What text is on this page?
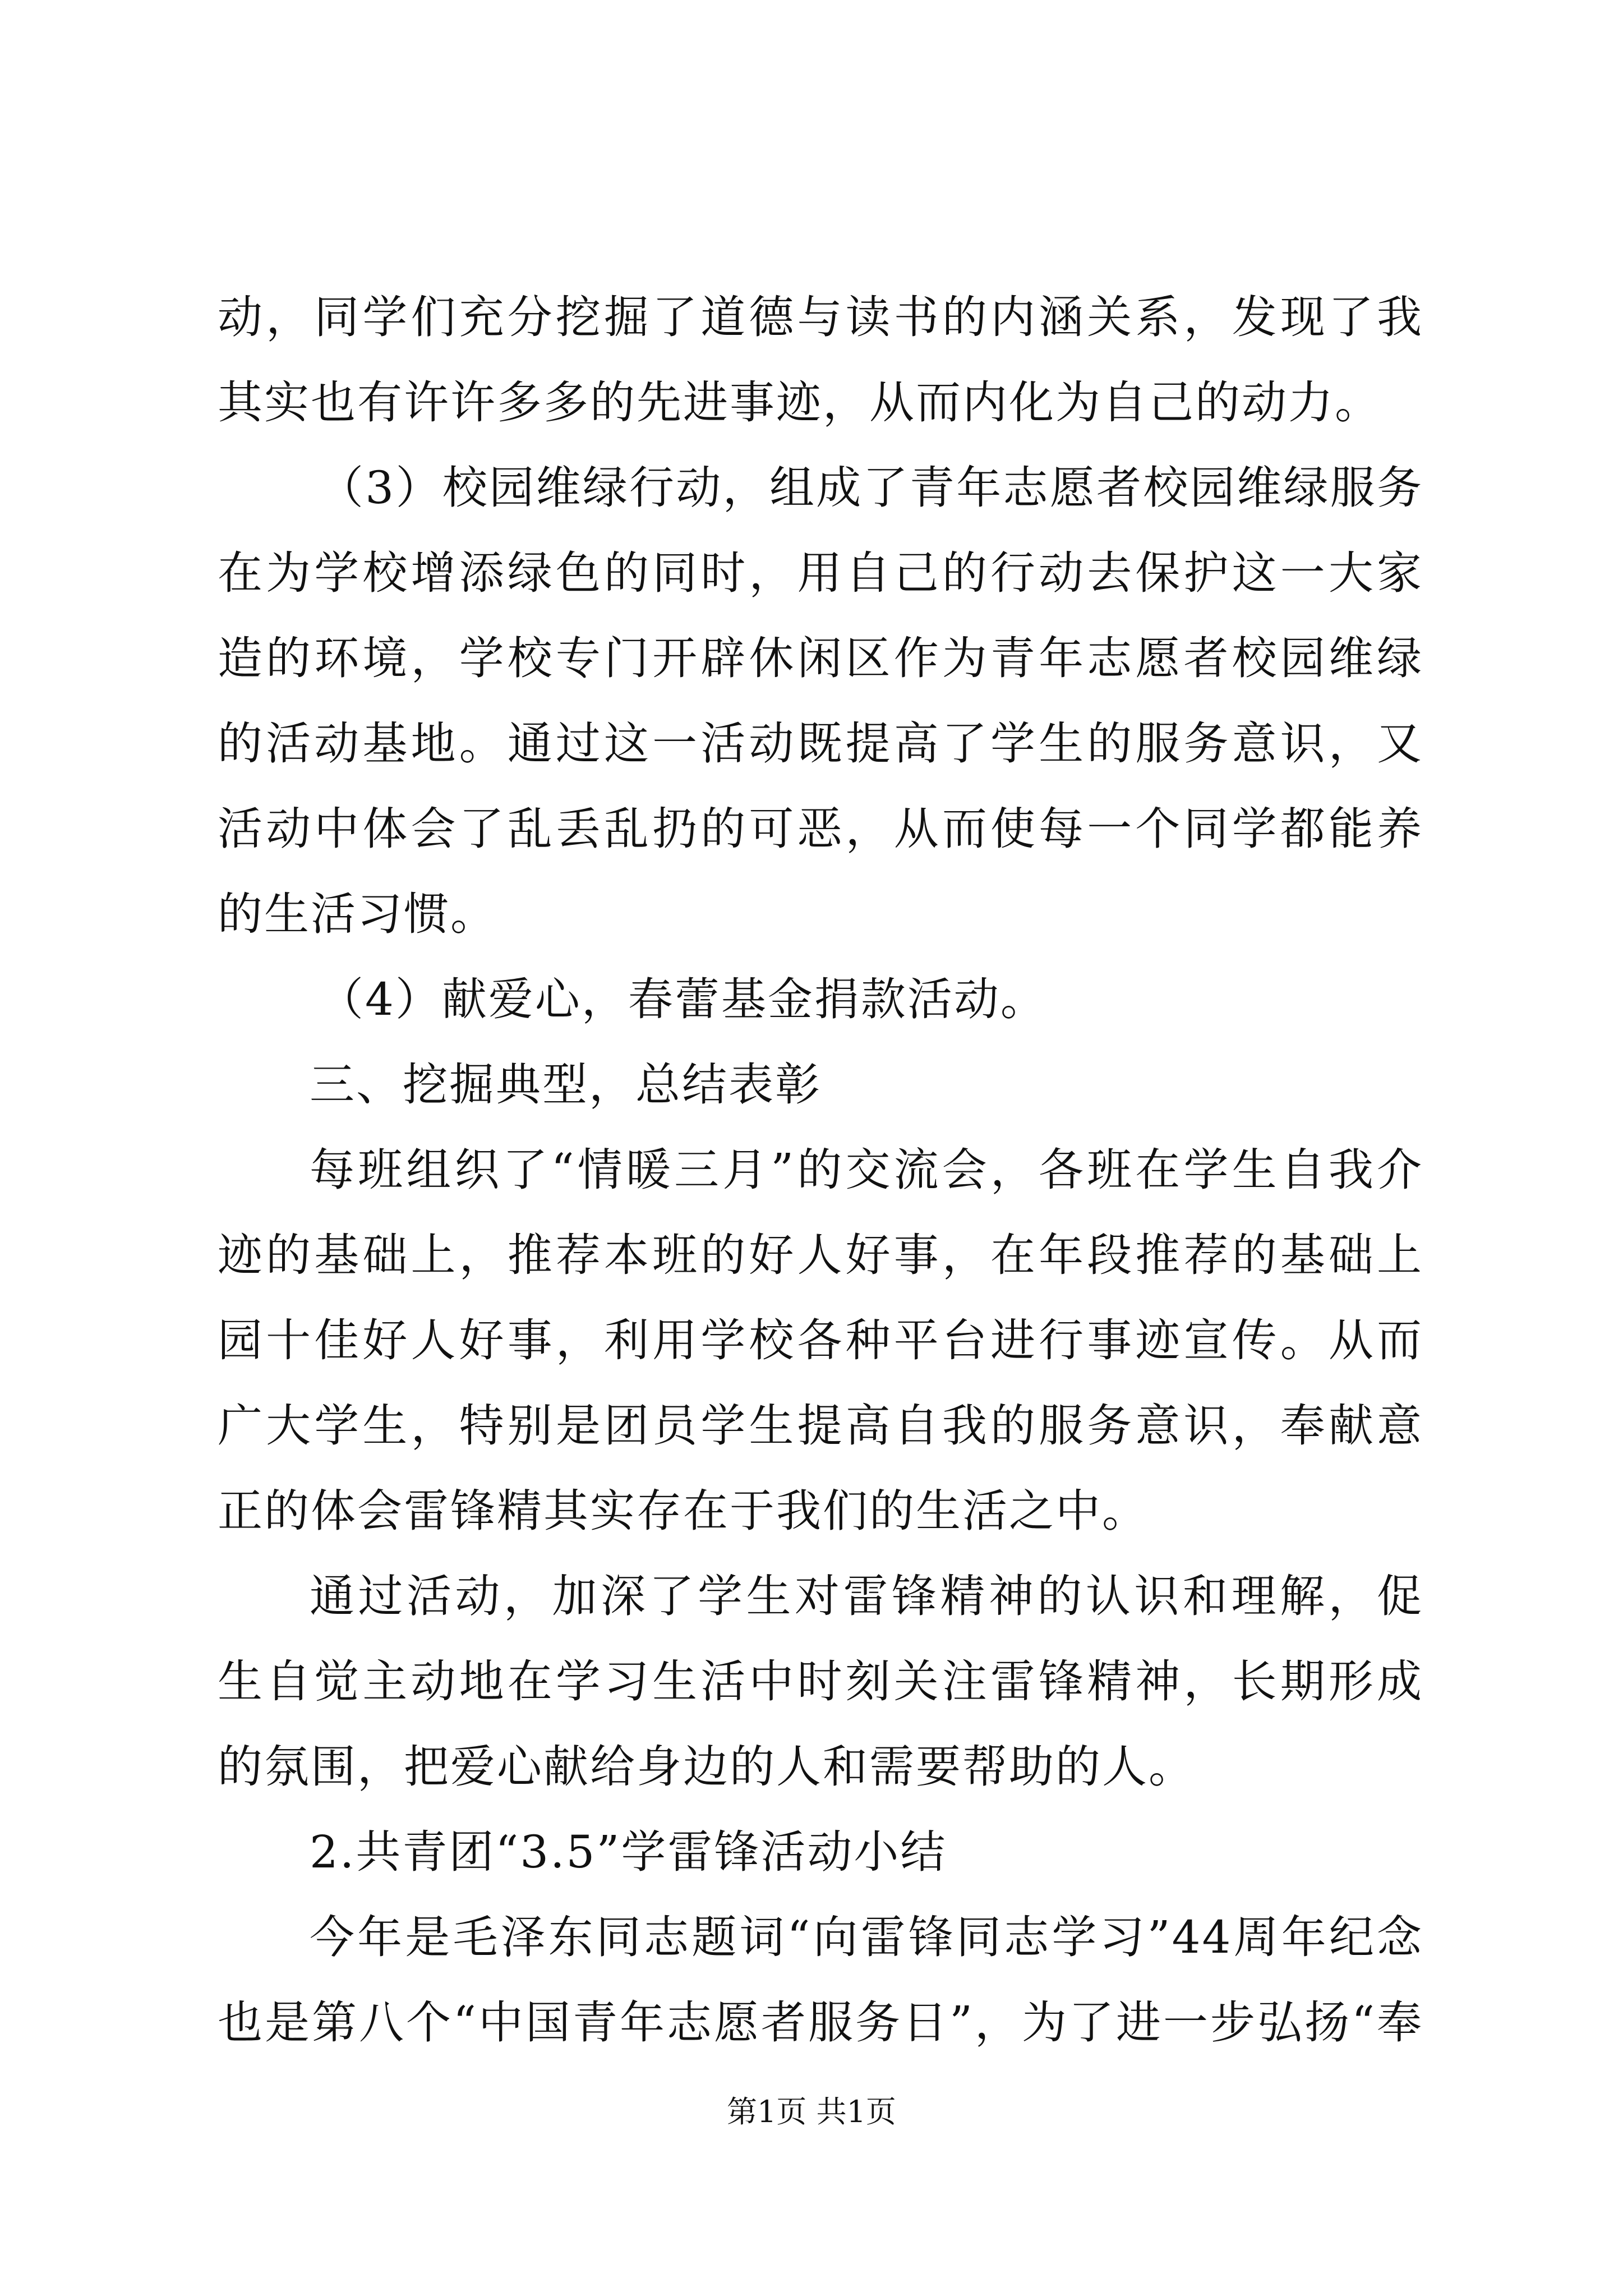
动，同学们充分挖掘了道德与读书的内涵关系，发现了我
其实也有许许多多的先进事迹，从而内化为自己的动力。
（3）校园维绿行动，组成了青年志愿者校园维绿服务
在为学校增添绿色的同时，用自己的行动去保护这一大家
造的环境，学校专门开辟休闲区作为青年志愿者校园维绿
的活动基地。通过这一活动既提高了学生的服务意识，又
活动中体会了乱丢乱扔的可恶，从而使每一个同学都能养
的生活习惯。
（4）献爱心，春蕾基金捐款活动。
三、挖掘典型，总结表彰
每班组织了“情暖三月”的交流会，各班在学生自我介
迹的基础上，推荐本班的好人好事，在年段推荐的基础上
园十佳好人好事，利用学校各种平台进行事迹宣传。从而
广大学生，特别是团员学生提高自我的服务意识，奉献意
正的体会雷锋精其实存在于我们的生活之中。
通过活动，加深了学生对雷锋精神的认识和理解，促
生自觉主动地在学习生活中时刻关注雷锋精神，长期形成
的氛围，把爱心献给身边的人和需要帮助的人。
2.共青团“3.5”学雷锋活动小结
今年是毛泽东同志题词“向雷锋同志学习”44周年纪念
也是第八个“中国青年志愿者服务日”，为了进一步弘扬“奉
第1页 共1页
